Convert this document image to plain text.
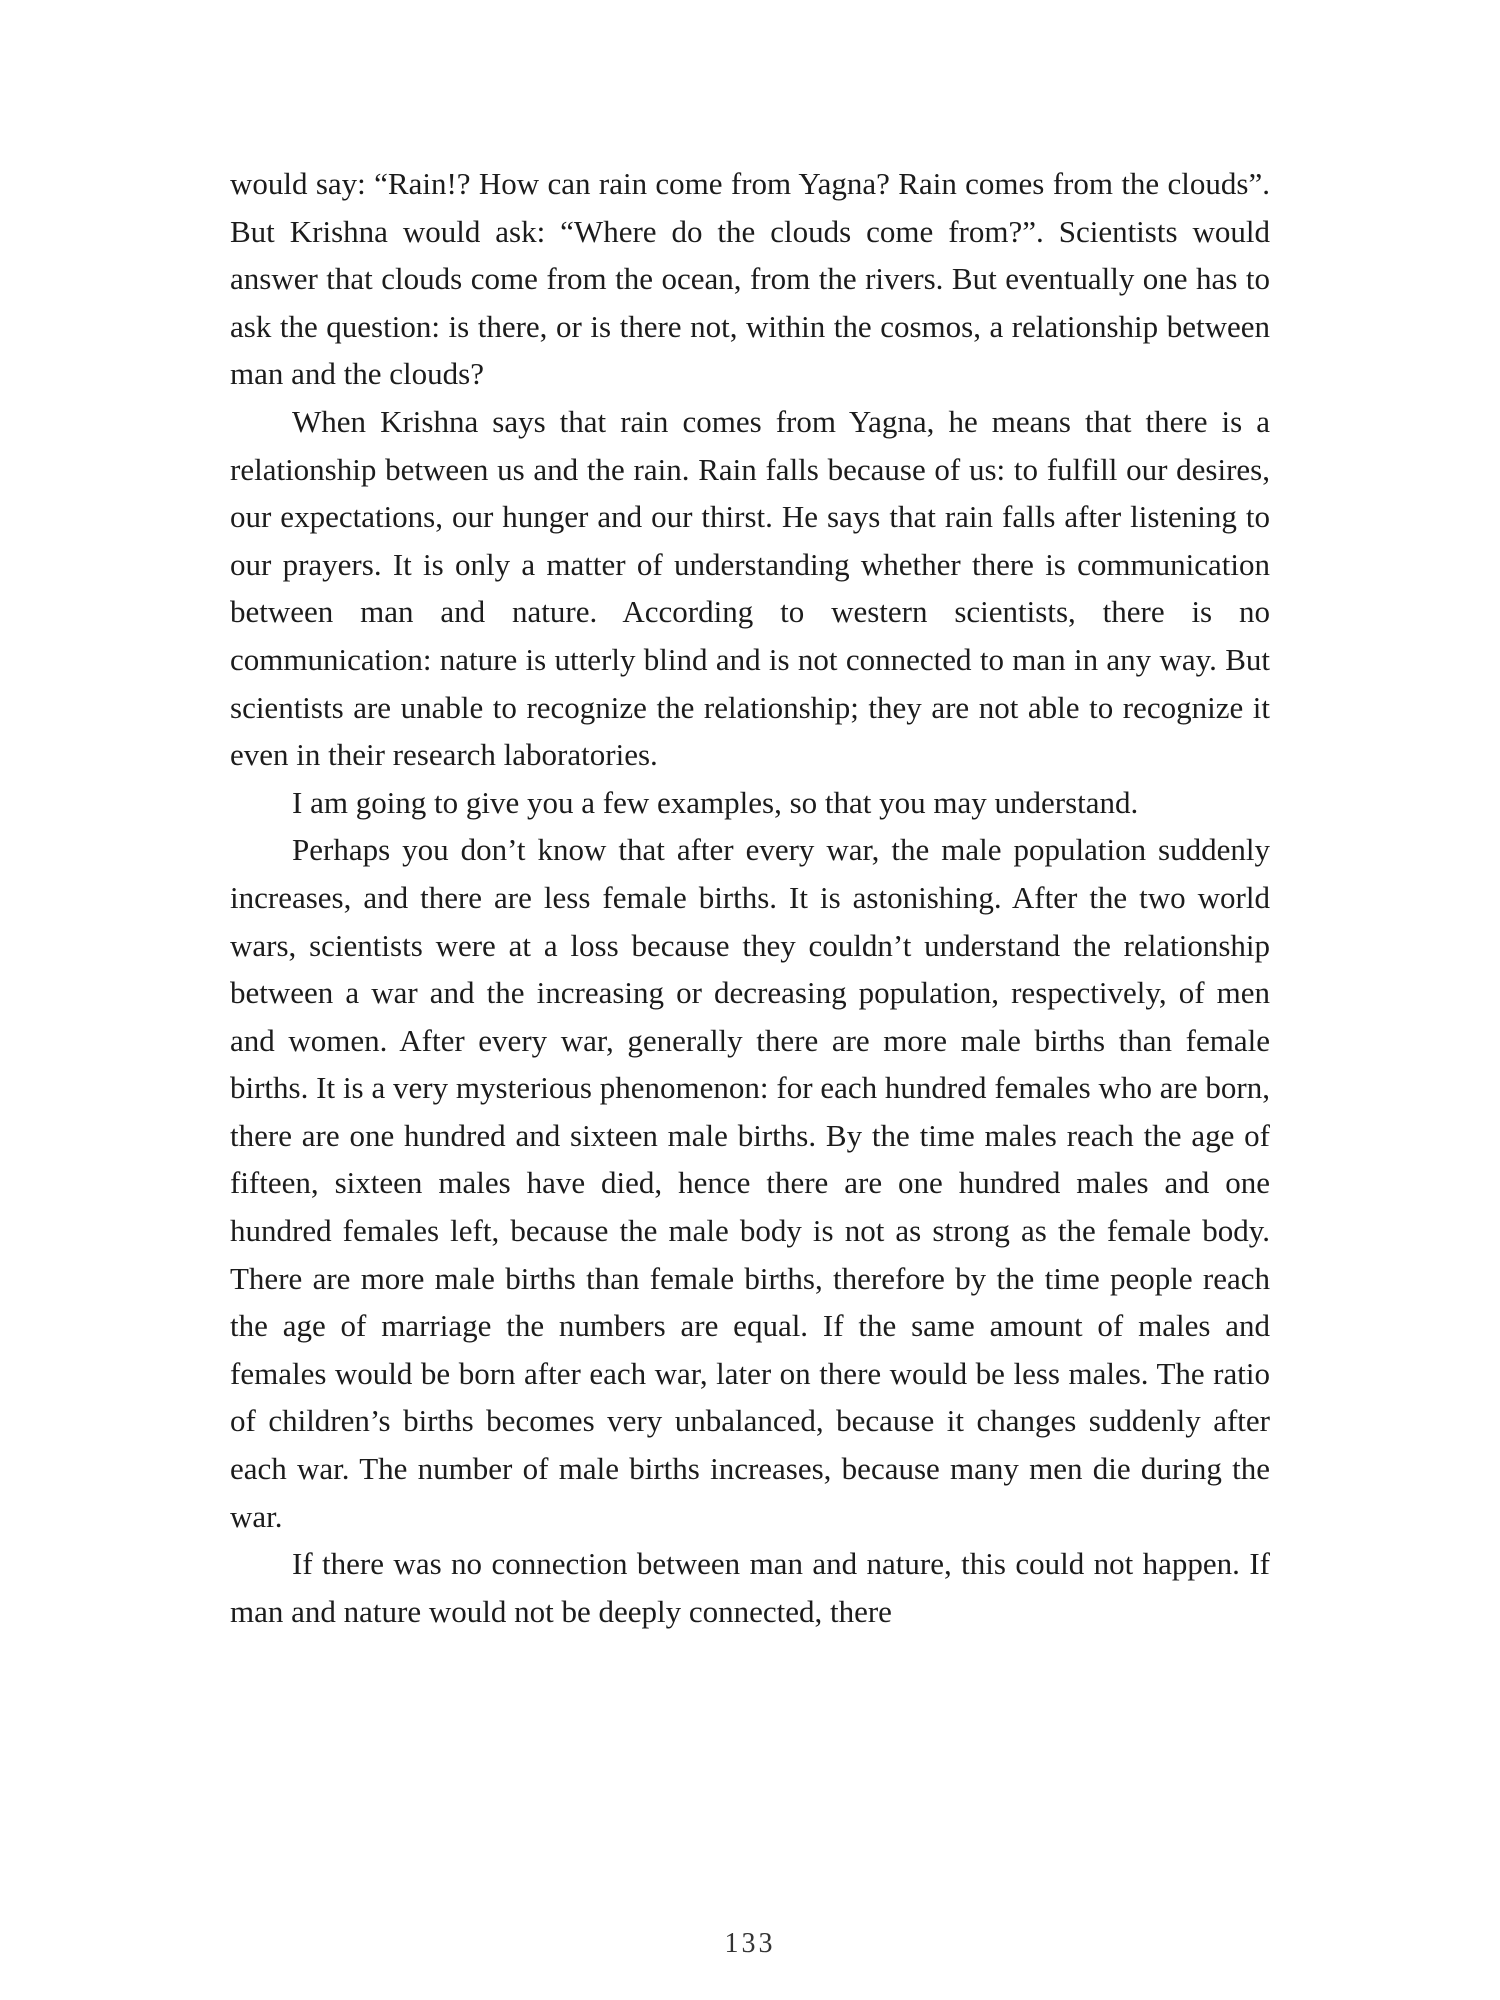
would say: “Rain!? How can rain come from Yagna? Rain comes from the clouds”. But Krishna would ask: “Where do the clouds come from?”. Scientists would answer that clouds come from the ocean, from the rivers. But eventually one has to ask the question: is there, or is there not, within the cosmos, a relationship between man and the clouds?

When Krishna says that rain comes from Yagna, he means that there is a relationship between us and the rain. Rain falls because of us: to fulfill our desires, our expectations, our hunger and our thirst. He says that rain falls after listening to our prayers. It is only a matter of understanding whether there is communication between man and nature. According to western scientists, there is no communication: nature is utterly blind and is not connected to man in any way. But scientists are unable to recognize the relationship; they are not able to recognize it even in their research laboratories.

I am going to give you a few examples, so that you may understand.

Perhaps you don’t know that after every war, the male population suddenly increases, and there are less female births. It is astonishing. After the two world wars, scientists were at a loss because they couldn’t understand the relationship between a war and the increasing or decreasing population, respectively, of men and women. After every war, generally there are more male births than female births. It is a very mysterious phenomenon: for each hundred females who are born, there are one hundred and sixteen male births. By the time males reach the age of fifteen, sixteen males have died, hence there are one hundred males and one hundred females left, because the male body is not as strong as the female body. There are more male births than female births, therefore by the time people reach the age of marriage the numbers are equal. If the same amount of males and females would be born after each war, later on there would be less males. The ratio of children’s births becomes very unbalanced, because it changes suddenly after each war. The number of male births increases, because many men die during the war.

If there was no connection between man and nature, this could not happen. If man and nature would not be deeply connected, there

133
